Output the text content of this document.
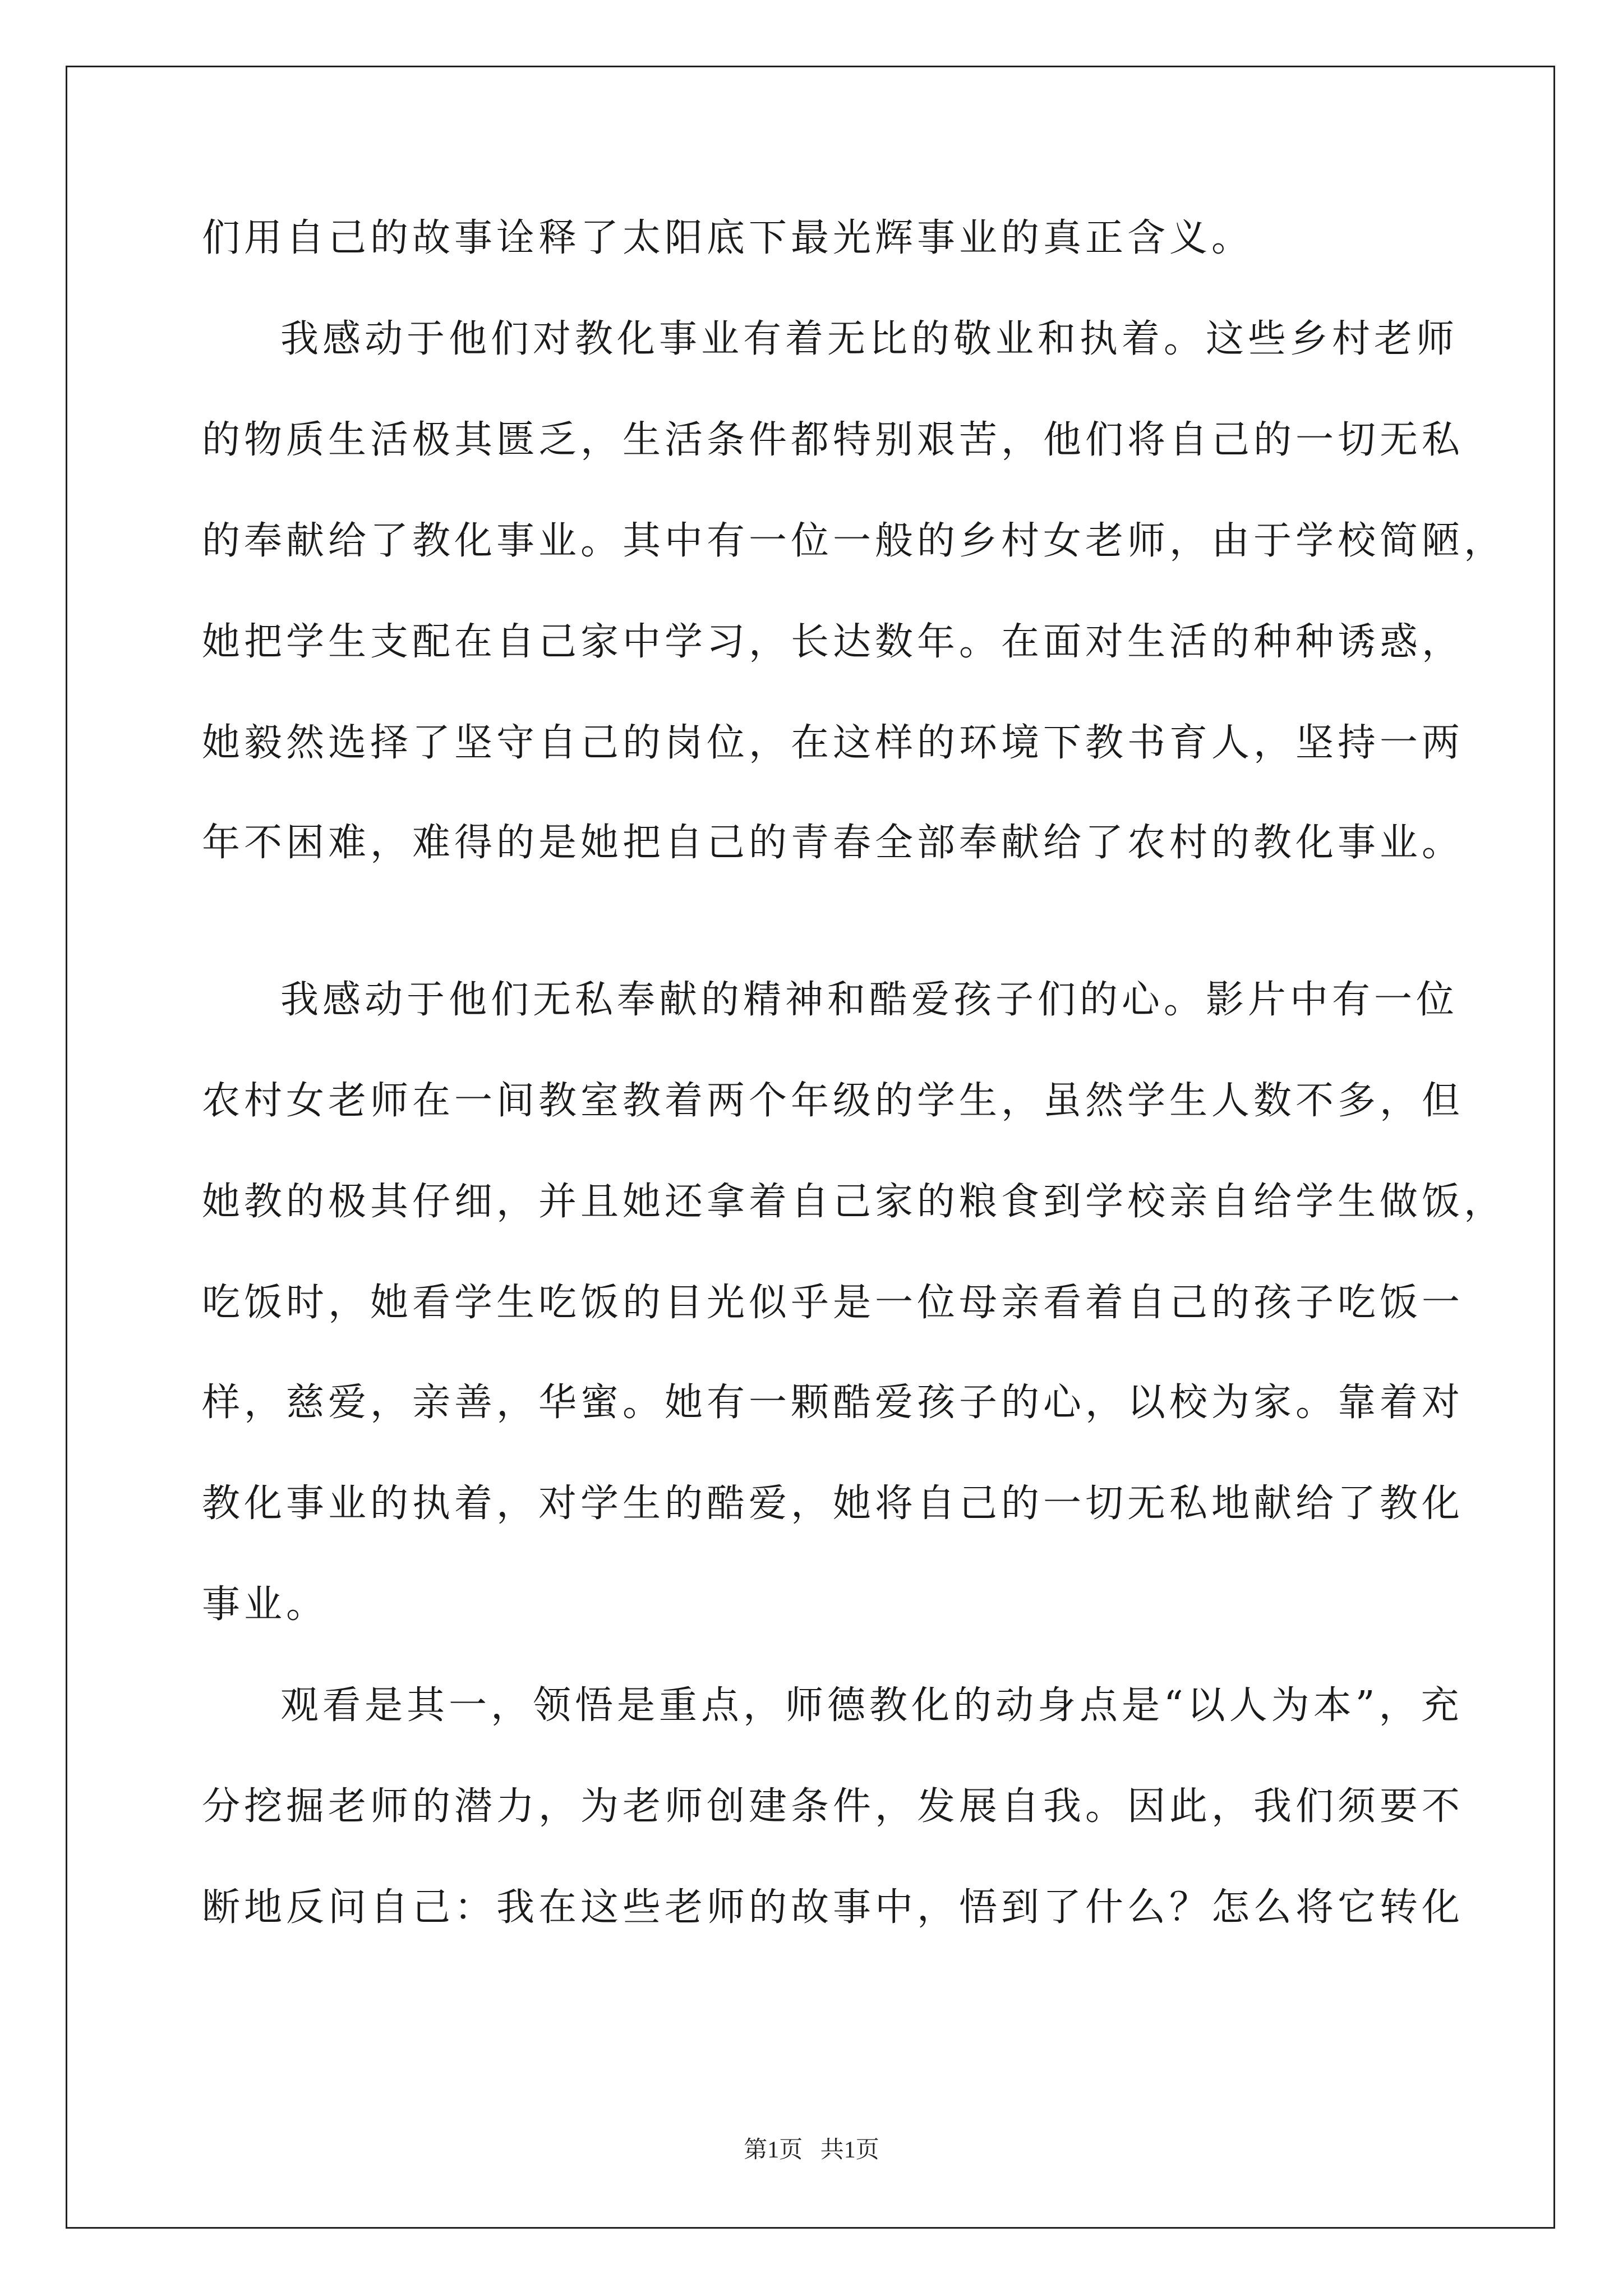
们用自己的故事诠释了太阳底下最光辉事业的真正含义。
我感动于他们对教化事业有着无比的敬业和执着。这些乡村老师
的物质生活极其匮乏，生活条件都特别艰苦，他们将自己的一切无私
的奉献给了教化事业。其中有一位一般的乡村女老师，由于学校简陋，
她把学生支配在自己家中学习，长达数年。在面对生活的种种诱惑，
她毅然选择了坚守自己的岗位，在这样的环境下教书育人，坚持一两
年不困难，难得的是她把自己的青春全部奉献给了农村的教化事业。
我感动于他们无私奉献的精神和酷爱孩子们的心。影片中有一位
农村女老师在一间教室教着两个年级的学生，虽然学生人数不多，但
她教的极其仔细，并且她还拿着自己家的粮食到学校亲自给学生做饭，
吃饭时，她看学生吃饭的目光似乎是一位母亲看着自己的孩子吃饭一
样，慈爱，亲善，华蜜。她有一颗酷爱孩子的心，以校为家。靠着对
教化事业的执着，对学生的酷爱，她将自己的一切无私地献给了教化
事业。
观看是其一，领悟是重点，师德教化的动身点是“以人为本”，充
分挖掘老师的潜力，为老师创建条件，发展自我。因此，我们须要不
断地反问自己：我在这些老师的故事中，悟到了什么？怎么将它转化
第1页   共1页
